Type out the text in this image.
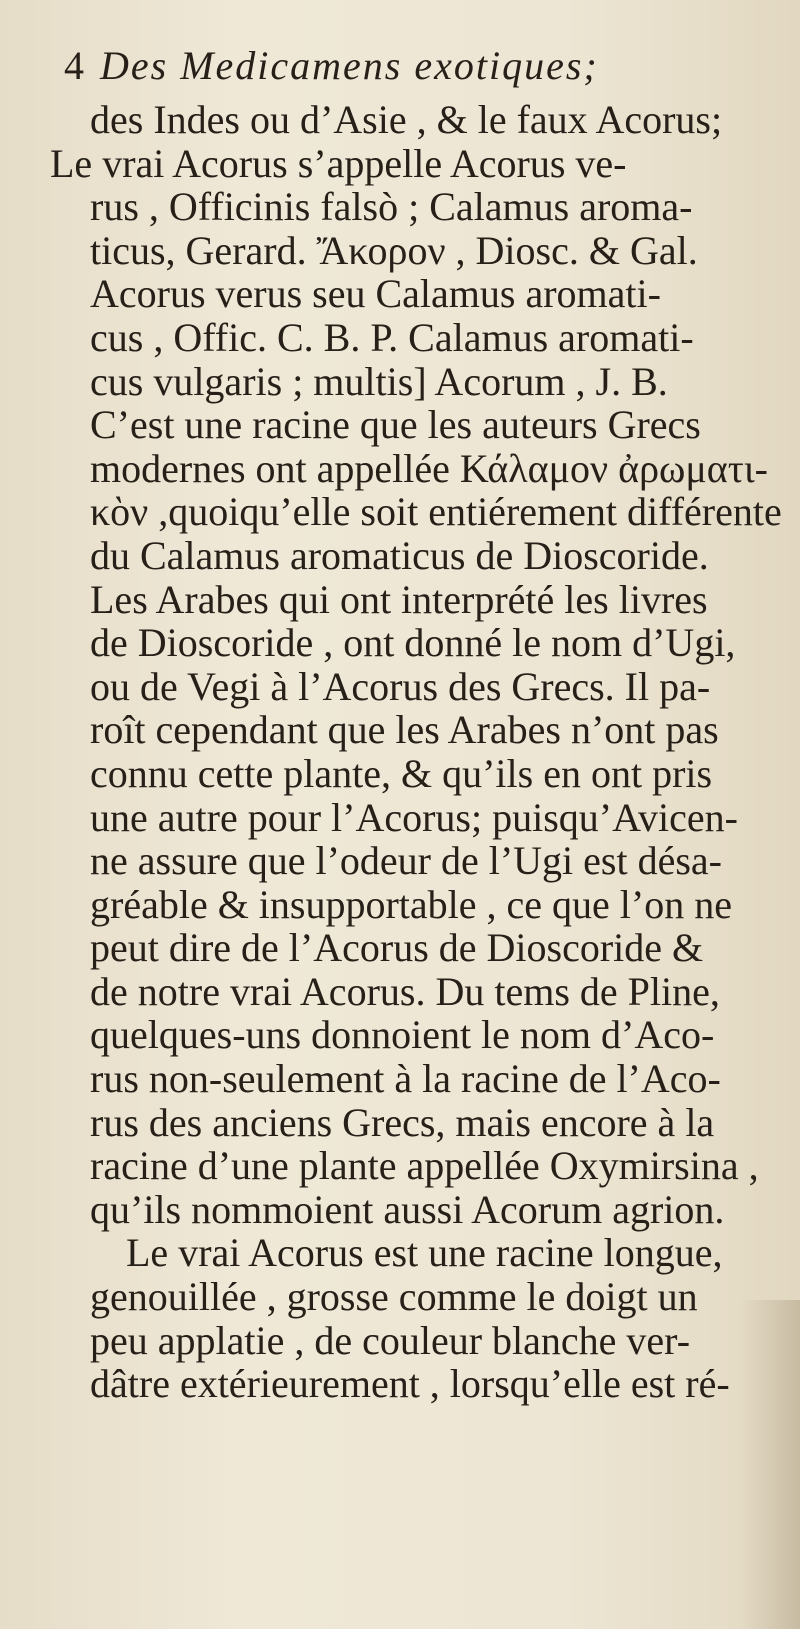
4 Des Medicamens exotiques;
des Indes ou d’Asie , & le faux Acorus;
Le vrai Acorus s’appelle Acorus ve-
rus , Officinis falsò ; Calamus aroma-
ticus, Gerard. Ἄκορον , Diosc. & Gal.
Acorus verus seu Calamus aromati-
cus , Offic. C. B. P. Calamus aromati-
cus vulgaris ; multis] Acorum , J. B.
C’est une racine que les auteurs Grecs
modernes ont appellée Κάλαμον ἀρωματι-
κὸν ,quoiqu’elle soit entiérement différente
du Calamus aromaticus de Dioscoride.
Les Arabes qui ont interprété les livres
de Dioscoride , ont donné le nom d’Ugi,
ou de Vegi à l’Acorus des Grecs. Il pa-
roît cependant que les Arabes n’ont pas
connu cette plante, & qu’ils en ont pris
une autre pour l’Acorus; puisqu’Avicen-
ne assure que l’odeur de l’Ugi est désa-
gréable & insupportable , ce que l’on ne
peut dire de l’Acorus de Dioscoride &
de notre vrai Acorus. Du tems de Pline,
quelques-uns donnoient le nom d’Aco-
rus non-seulement à la racine de l’Aco-
rus des anciens Grecs, mais encore à la
racine d’une plante appellée Oxymirsina ,
qu’ils nommoient aussi Acorum agrion.
Le vrai Acorus est une racine longue,
genouillée , grosse comme le doigt un
peu applatie , de couleur blanche ver-
dâtre extérieurement , lorsqu’elle est ré-
